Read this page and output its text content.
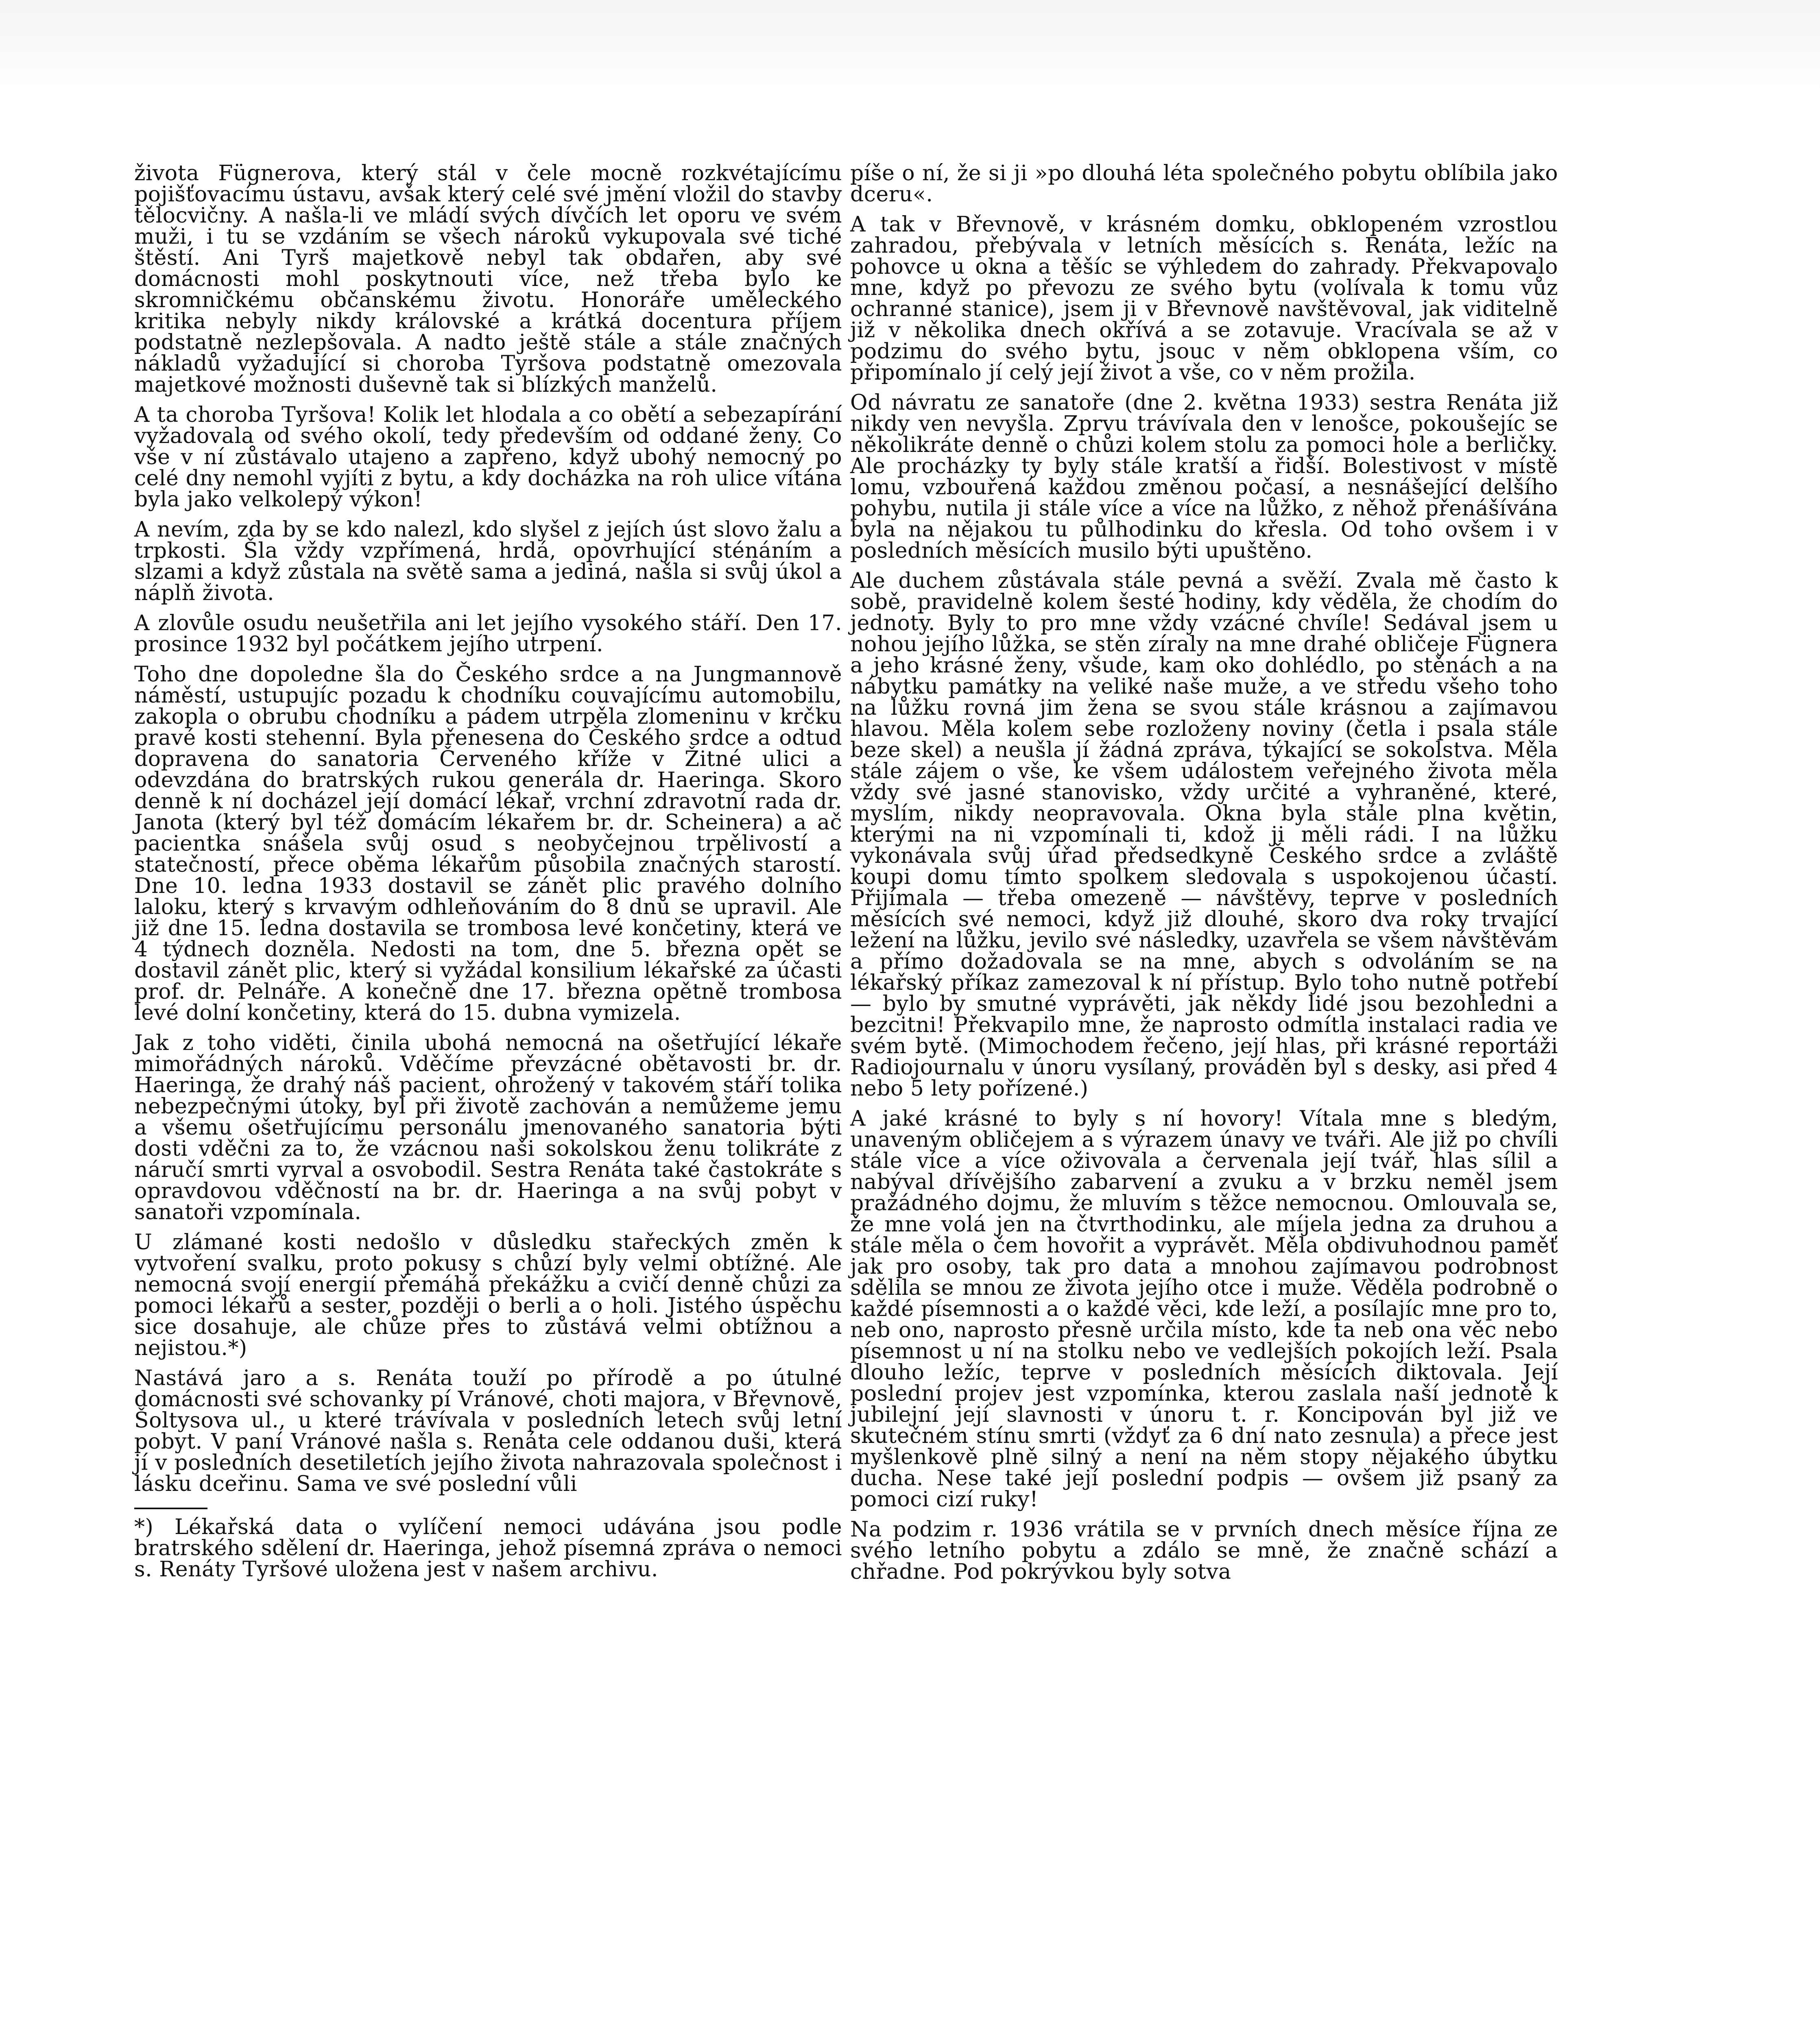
života Fügnerova, který stál v čele mocně rozkvétajícímu pojišťovacímu ústavu, avšak který celé své jmění vložil do stavby tělocvičny. A našla-li ve mládí svých dívčích let oporu ve svém muži, i tu se vzdáním se všech nároků vykupovala své tiché štěstí. Ani Tyrš majetkově nebyl tak obdařen, aby své domácnosti mohl poskytnouti více, než třeba bylo ke skromničkému občanskému životu. Honoráře uměleckého kritika nebyly nikdy královské a krátká docentura příjem podstatně nezlepšovala. A nadto ještě stále a stále značných nákladů vyžadující si choroba Tyršova podstatně omezovala majetkové možnosti duševně tak si blízkých manželů.

A ta choroba Tyršova! Kolik let hlodala a co obětí a sebezapírání vyžadovala od svého okolí, tedy především od oddané ženy. Co vše v ní zůstávalo utajeno a zapřeno, když ubohý nemocný po celé dny nemohl vyjíti z bytu, a kdy docházka na roh ulice vítána byla jako velkolepý výkon!

A nevím, zda by se kdo nalezl, kdo slyšel z jejích úst slovo žalu a trpkosti. Šla vždy vzpřímená, hrdá, opovrhující sténáním a slzami a když zůstala na světě sama a jediná, našla si svůj úkol a náplň života.

A zlovůle osudu neušetřila ani let jejího vysokého stáří. Den 17. prosince 1932 byl počátkem jejího utrpení.

Toho dne dopoledne šla do Českého srdce a na Jungmannově náměstí, ustupujíc pozadu k chodníku couvajícímu automobilu, zakopla o obrubu chodníku a pádem utrpěla zlomeninu v krčku pravé kosti stehenní. Byla přenesena do Českého srdce a odtud dopravena do sanatoria Červeného kříže v Žitné ulici a odevzdána do bratrských rukou generála dr. Haeringa. Skoro denně k ní docházel její domácí lékař, vrchní zdravotní rada dr. Janota (který byl též domácím lékařem br. dr. Scheinera) a ač pacientka snášela svůj osud s neobyčejnou trpělivostí a statečností, přece oběma lékařům působila značných starostí. Dne 10. ledna 1933 dostavil se zánět plic pravého dolního laloku, který s krvavým odhleňováním do 8 dnů se upravil. Ale již dne 15. ledna dostavila se trombosa levé končetiny, která ve 4 týdnech dozněla. Nedosti na tom, dne 5. března opět se dostavil zánět plic, který si vyžádal konsilium lékařské za účasti prof. dr. Pelnáře. A konečně dne 17. března opětně trombosa levé dolní končetiny, která do 15. dubna vymizela.

Jak z toho viděti, činila ubohá nemocná na ošetřující lékaře mimořádných nároků. Vděčíme převzácné obětavosti br. dr. Haeringa, že drahý náš pacient, ohrožený v takovém stáří tolika nebezpečnými útoky, byl při životě zachován a nemůžeme jemu a všemu ošetřujícímu personálu jmenovaného sanatoria býti dosti vděčni za to, že vzácnou naši sokolskou ženu tolikráte z náručí smrti vyrval a osvobodil. Sestra Renáta také častokráte s opravdovou vděčností na br. dr. Haeringa a na svůj pobyt v sanatoři vzpomínala.

U zlámané kosti nedošlo v důsledku stařeckých změn k vytvoření svalku, proto pokusy s chůzí byly velmi obtížné. Ale nemocná svojí energií přemáhá překážku a cvičí denně chůzi za pomoci lékařů a sester, později o berli a o holi. Jistého úspěchu sice dosahuje, ale chůze přes to zůstává velmi obtížnou a nejistou.*)

Nastává jaro a s. Renáta touží po přírodě a po útulné domácnosti své schovanky pí Vránové, choti majora, v Břevnově, Šoltysova ul., u které trávívala v posledních letech svůj letní pobyt. V paní Vránové našla s. Renáta cele oddanou duši, která jí v posledních desetiletích jejího života nahrazovala společnost i lásku dceřinu. Sama ve své poslední vůli

*) Lékařská data o vylíčení nemoci udávána jsou podle bratrského sdělení dr. Haeringa, jehož písemná zpráva o nemoci s. Renáty Tyršové uložena jest v našem archivu.

píše o ní, že si ji »po dlouhá léta společného pobytu oblíbila jako dceru«.

A tak v Břevnově, v krásném domku, obklopeném vzrostlou zahradou, přebývala v letních měsících s. Renáta, ležíc na pohovce u okna a těšíc se výhledem do zahrady. Překvapovalo mne, když po převozu ze svého bytu (volívala k tomu vůz ochranné stanice), jsem ji v Břevnově navštěvoval, jak viditelně již v několika dnech okřívá a se zotavuje. Vracívala se až v podzimu do svého bytu, jsouc v něm obklopena vším, co připomínalo jí celý její život a vše, co v něm prožila.

Od návratu ze sanatoře (dne 2. května 1933) sestra Renáta již nikdy ven nevyšla. Zprvu trávívala den v lenošce, pokoušejíc se několikráte denně o chůzi kolem stolu za pomoci hole a berličky. Ale procházky ty byly stále kratší a řidší. Bolestivost v místě lomu, vzbouřená každou změnou počasí, a nesnášející delšího pohybu, nutila ji stále více a více na lůžko, z něhož přenášívána byla na nějakou tu půlhodinku do křesla. Od toho ovšem i v posledních měsících musilo býti upuštěno.

Ale duchem zůstávala stále pevná a svěží. Zvala mě často k sobě, pravidelně kolem šesté hodiny, kdy věděla, že chodím do jednoty. Byly to pro mne vždy vzácné chvíle! Sedával jsem u nohou jejího lůžka, se stěn zíraly na mne drahé obličeje Fügnera a jeho krásné ženy, všude, kam oko dohlédlo, po stěnách a na nábytku památky na veliké naše muže, a ve středu všeho toho na lůžku rovná jim žena se svou stále krásnou a zajímavou hlavou. Měla kolem sebe rozloženy noviny (četla i psala stále beze skel) a neušla jí žádná zpráva, týkající se sokolstva. Měla stále zájem o vše, ke všem událostem veřejného života měla vždy své jasné stanovisko, vždy určité a vyhraněné, které, myslím, nikdy neopravovala. Okna byla stále plna květin, kterými na ni vzpomínali ti, kdož ji měli rádi. I na lůžku vykonávala svůj úřad předsedkyně Českého srdce a zvláště koupi domu tímto spolkem sledovala s uspokojenou účastí. Přijímala — třeba omezeně — návštěvy, teprve v posledních měsících své nemoci, když již dlouhé, skoro dva roky trvající ležení na lůžku, jevilo své následky, uzavřela se všem návštěvám a přímo dožadovala se na mne, abych s odvoláním se na lékařský příkaz zamezoval k ní přístup. Bylo toho nutně potřebí — bylo by smutné vyprávěti, jak někdy lidé jsou bezohledni a bezcitni! Překvapilo mne, že naprosto odmítla instalaci radia ve svém bytě. (Mimochodem řečeno, její hlas, při krásné reportáži Radiojournalu v únoru vysílaný, prováděn byl s desky, asi před 4 nebo 5 lety pořízené.)

A jaké krásné to byly s ní hovory! Vítala mne s bledým, unaveným obličejem a s výrazem únavy ve tváři. Ale již po chvíli stále více a více oživovala a červenala její tvář, hlas sílil a nabýval dřívějšího zabarvení a zvuku a v brzku neměl jsem pražádného dojmu, že mluvím s těžce nemocnou. Omlouvala se, že mne volá jen na čtvrthodinku, ale míjela jedna za druhou a stále měla o čem hovořit a vyprávět. Měla obdivuhodnou paměť jak pro osoby, tak pro data a mnohou zajímavou podrobnost sdělila se mnou ze života jejího otce i muže. Věděla podrobně o každé písemnosti a o každé věci, kde leží, a posílajíc mne pro to, neb ono, naprosto přesně určila místo, kde ta neb ona věc nebo písemnost u ní na stolku nebo ve vedlejších pokojích leží. Psala dlouho ležíc, teprve v posledních měsících diktovala. Její poslední projev jest vzpomínka, kterou zaslala naší jednotě k jubilejní její slavnosti v únoru t. r. Koncipován byl již ve skutečném stínu smrti (vždyť za 6 dní nato zesnula) a přece jest myšlenkově plně silný a není na něm stopy nějakého úbytku ducha. Nese také její poslední podpis — ovšem již psaný za pomoci cizí ruky!

Na podzim r. 1936 vrátila se v prvních dnech měsíce října ze svého letního pobytu a zdálo se mně, že značně schází a chřadne. Pod pokrývkou byly sotva
